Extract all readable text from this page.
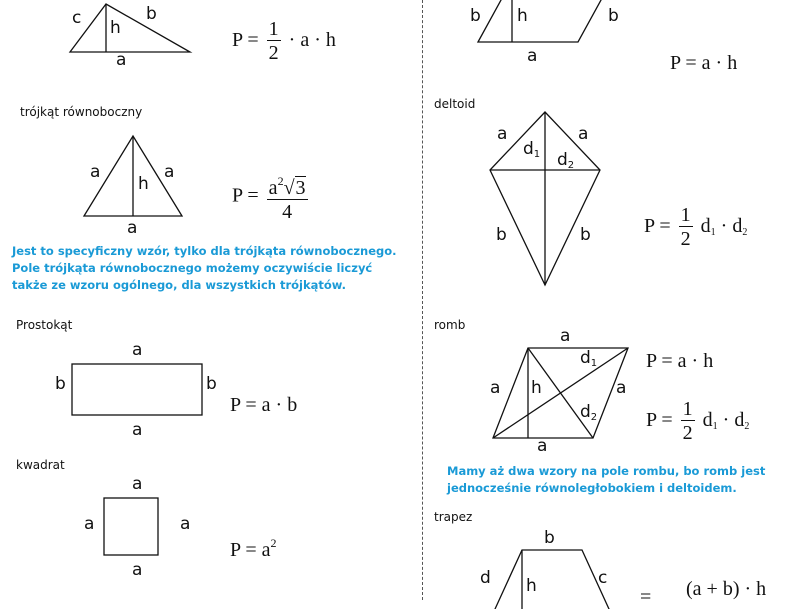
c h
b
a
$P = \frac{1}{2} \cdot a \cdot h$
b h	b
a	P = a · h
trójkąt równoboczny
a
h
a
a
$P = \frac{a^2√3}{4}$
Jest to specyficzny wzór, tylko dla trójkąta równobocznego.
Pole trójkąta równobocznego możemy oczywiście liczyć
także ze wzoru ogólnego, dla wszystkich trójkątów.
deltoid
a	a
$d_1$ $d_2$
b	b	$P = \frac{1}{2} d_1 \cdot d_2$
Prostokąt
a
b	b
a
P = a · b
romb
a
a h	a
a
$d_1$
$d_2$
P = a · h
$P = \frac{1}{2} d_1 \cdot d_2$
Mamy aż dwa wzory na pole rombu, bo romb jest
jednocześnie równoległobokiem i deltoidem.
kwadrat
a
a	a
a
$P = a^2$
trapez
b
d h	c
= (a + b) · h
